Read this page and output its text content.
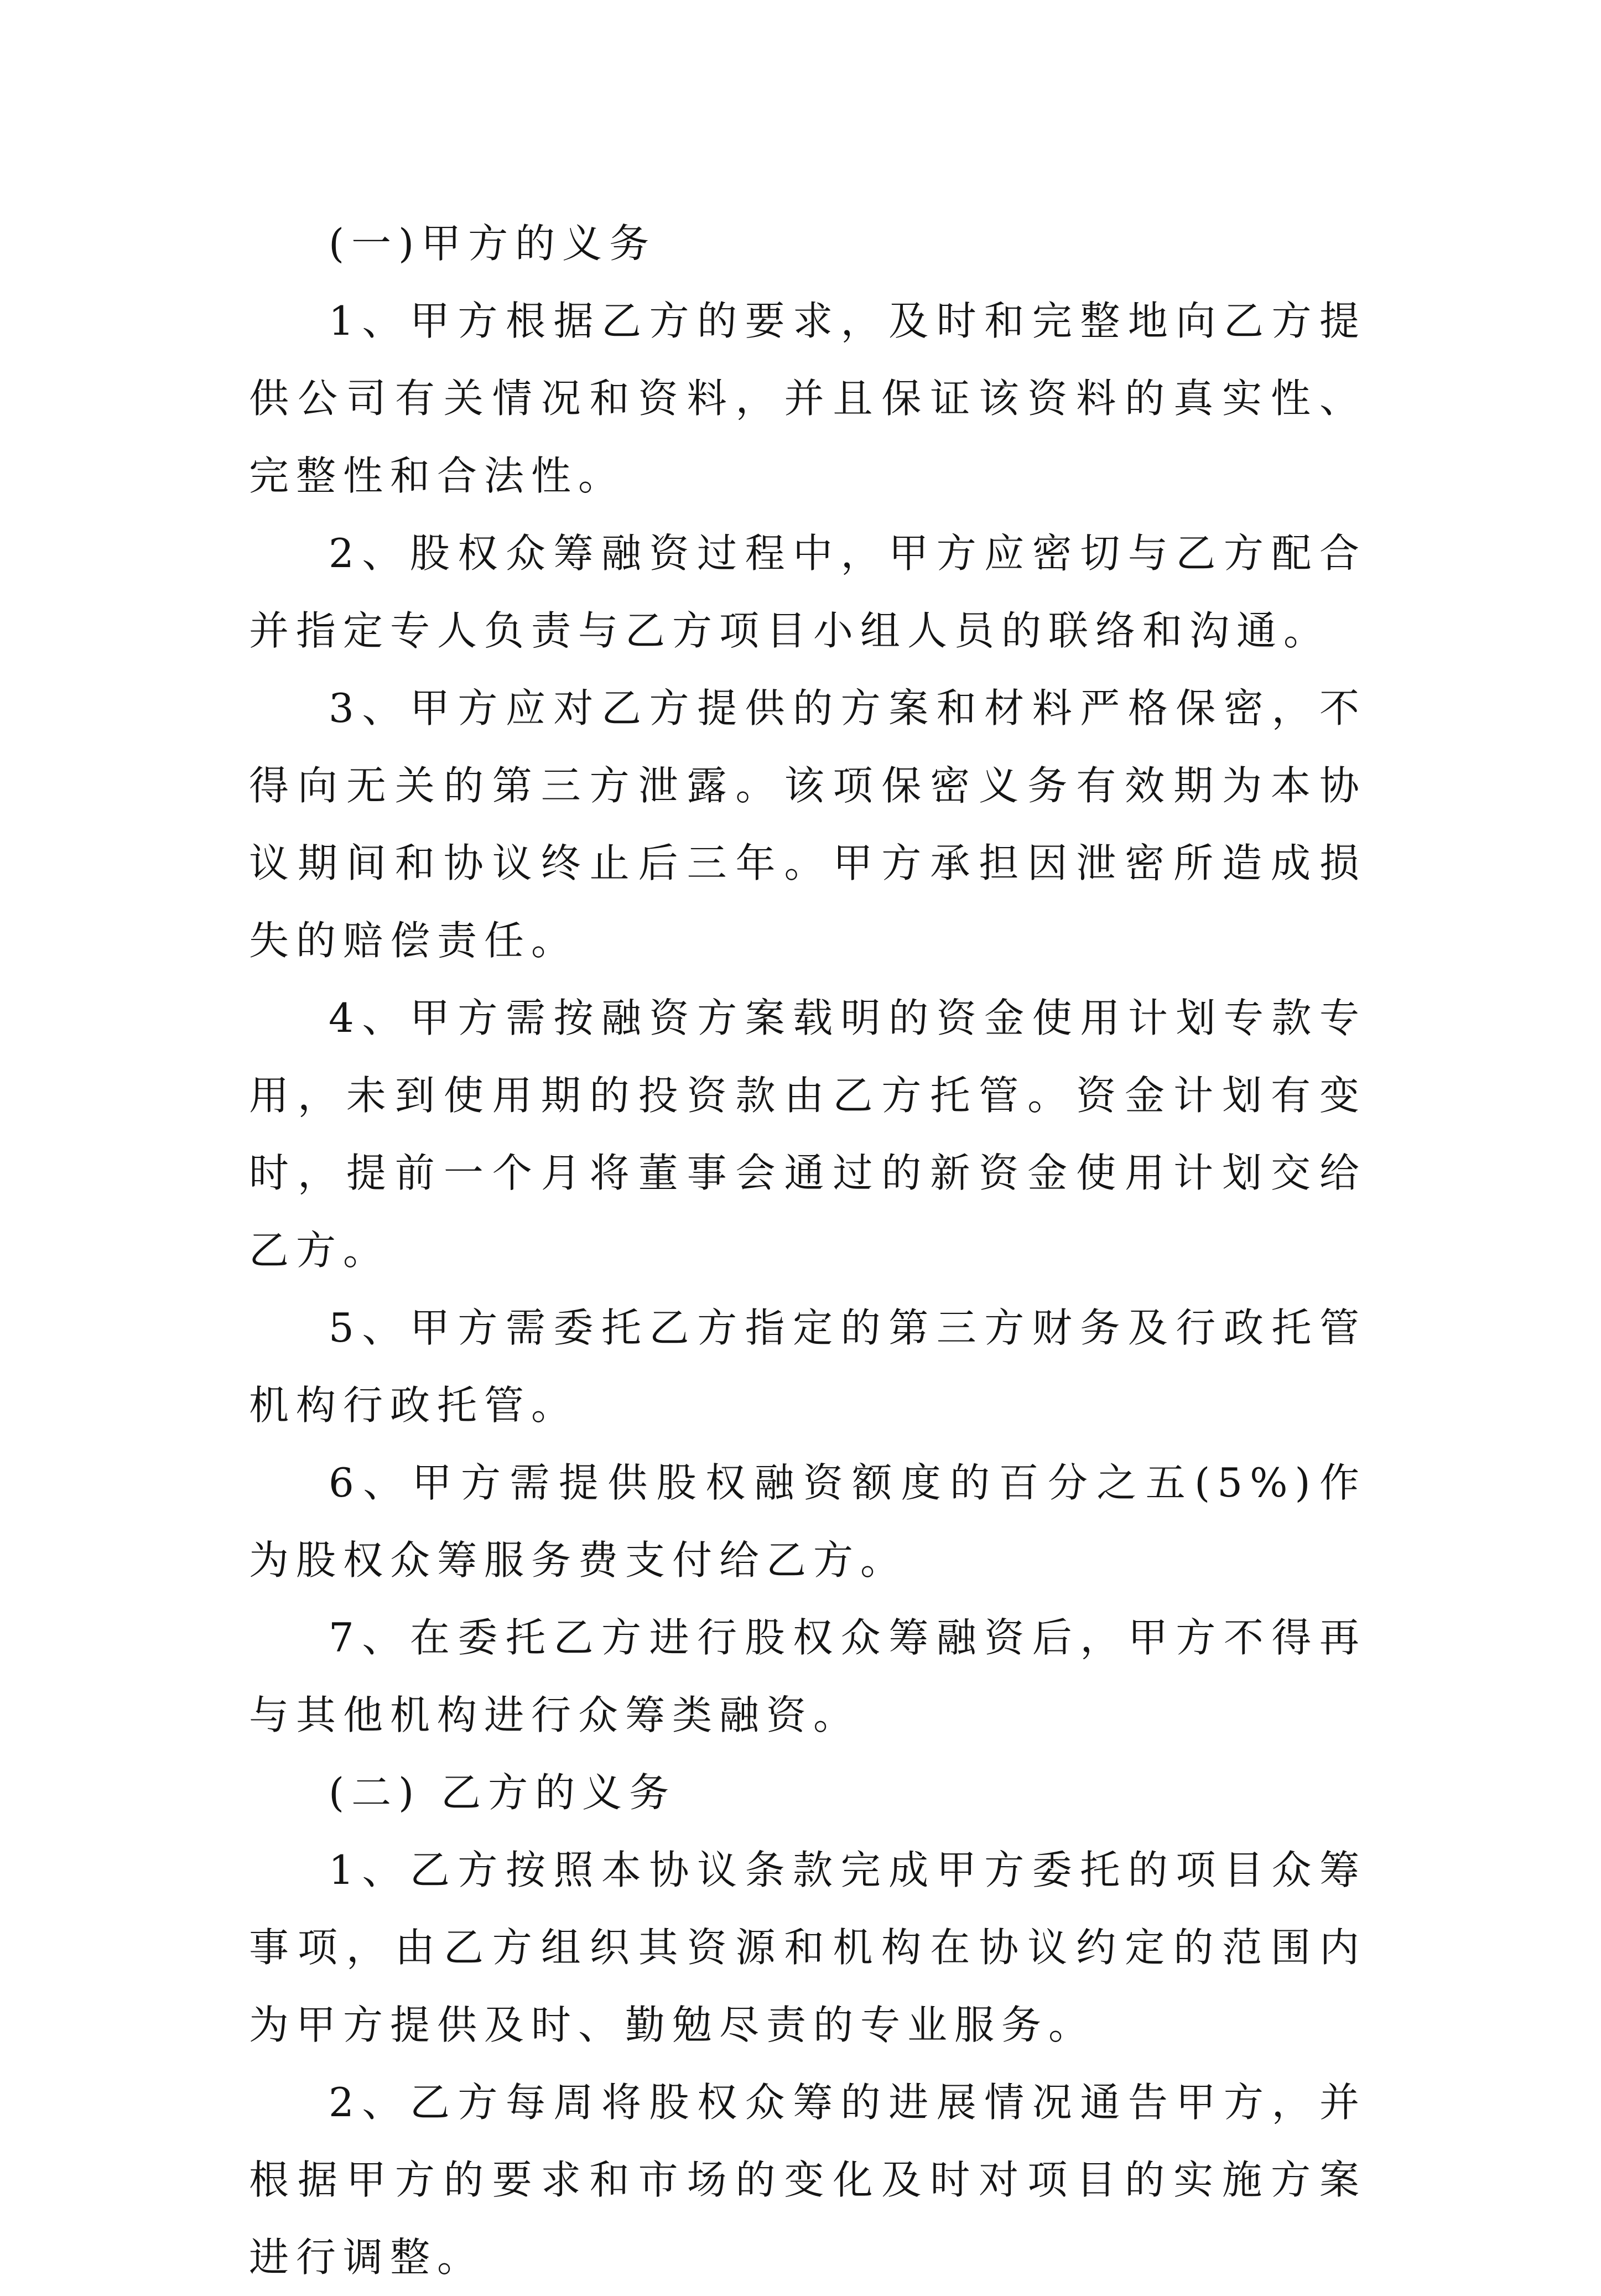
(一)甲方的义务

1、甲方根据乙方的要求，及时和完整地向乙方提供公司有关情况和资料，并且保证该资料的真实性、完整性和合法性。

2、股权众筹融资过程中，甲方应密切与乙方配合并指定专人负责与乙方项目小组人员的联络和沟通。

3、甲方应对乙方提供的方案和材料严格保密，不得向无关的第三方泄露。该项保密义务有效期为本协议期间和协议终止后三年。甲方承担因泄密所造成损失的赔偿责任。

4、甲方需按融资方案载明的资金使用计划专款专用，未到使用期的投资款由乙方托管。资金计划有变时，提前一个月将董事会通过的新资金使用计划交给乙方。

5、甲方需委托乙方指定的第三方财务及行政托管机构行政托管。

6、甲方需提供股权融资额度的百分之五(5%)作为股权众筹服务费支付给乙方。

7、在委托乙方进行股权众筹融资后，甲方不得再与其他机构进行众筹类融资。

(二) 乙方的义务

1、乙方按照本协议条款完成甲方委托的项目众筹事项，由乙方组织其资源和机构在协议约定的范围内为甲方提供及时、勤勉尽责的专业服务。

2、乙方每周将股权众筹的进展情况通告甲方，并根据甲方的要求和市场的变化及时对项目的实施方案进行调整。
